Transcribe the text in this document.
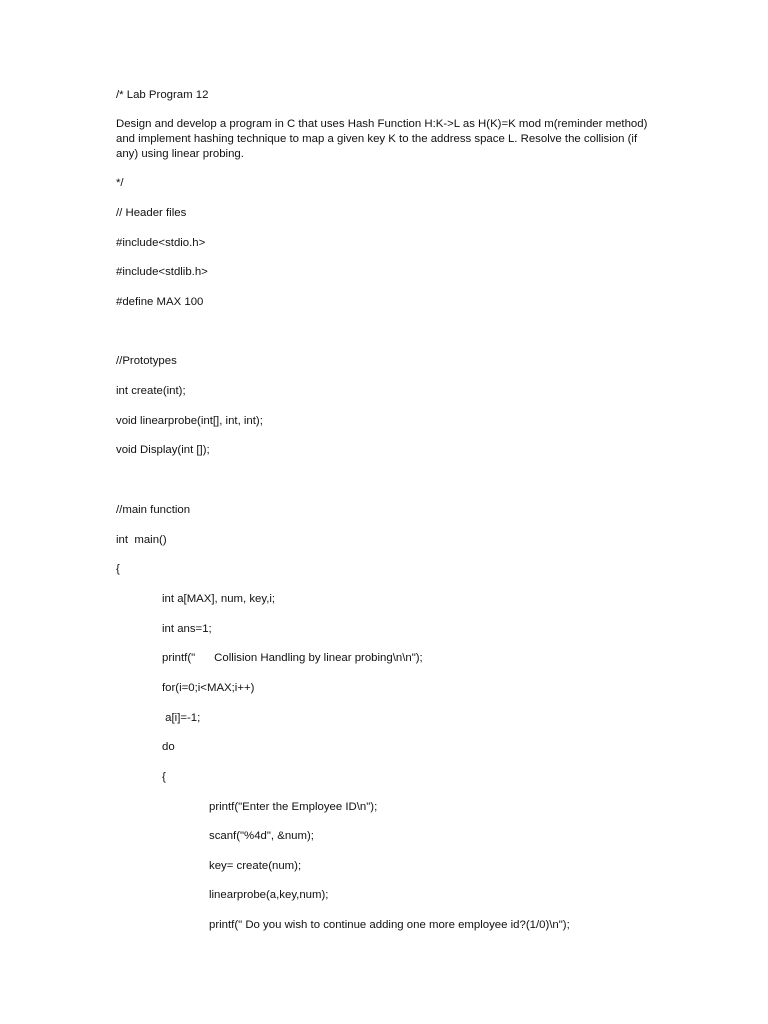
/* Lab Program 12
Design and develop a program in C that uses Hash Function H:K->L as H(K)=K mod m(reminder method) and implement hashing technique to map a given key K to the address space L. Resolve the collision (if any) using linear probing.
*/
// Header files
#include<stdio.h>
#include<stdlib.h>
#define MAX 100
//Prototypes
int create(int);
void linearprobe(int[], int, int);
void Display(int []);
//main function
int  main()
{
int a[MAX], num, key,i;
int ans=1;
printf("      Collision Handling by linear probing\n\n");
for(i=0;i<MAX;i++)
a[i]=-1;
do
{
printf("Enter the Employee ID\n");
scanf("%4d", &num);
key= create(num);
linearprobe(a,key,num);
printf(" Do you wish to continue adding one more employee id?(1/0)\n");
